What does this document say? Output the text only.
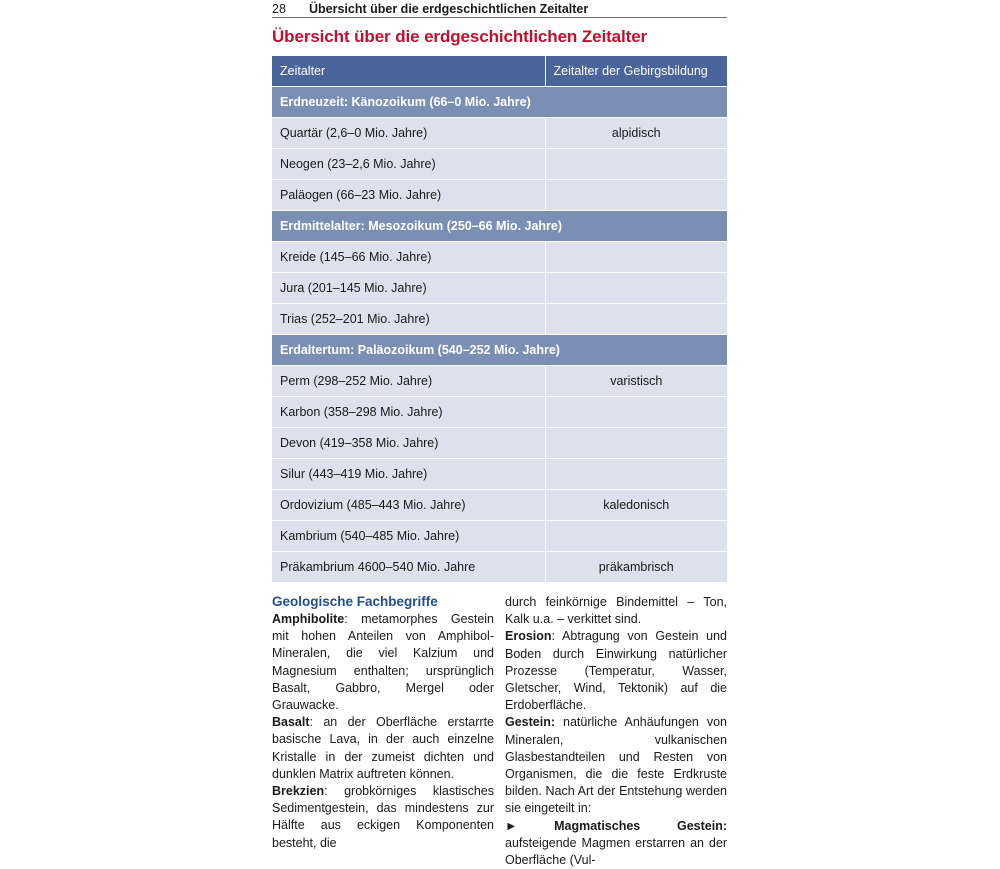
28 Übersicht über die erdgeschichtlichen Zeitalter
Übersicht über die erdgeschichtlichen Zeitalter
Zeitalter	Zeitalter der Gebirgsbildung
Erdneuzeit: Känozoikum (66–0 Mio. Jahre)	
Quartär (2,6–0 Mio. Jahre)	alpidisch
Neogen (23–2,6 Mio. Jahre)	
Paläogen (66–23 Mio. Jahre)	
Erdmittelalter: Mesozoikum (250–66 Mio. Jahre)	
Kreide (145–66 Mio. Jahre)	
Jura (201–145 Mio. Jahre)	
Trias (252–201 Mio. Jahre)	
Erdaltertum: Paläozoikum (540–252 Mio. Jahre)	
Perm (298–252 Mio. Jahre)	varistisch
Karbon (358–298 Mio. Jahre)	
Devon (419–358 Mio. Jahre)	
Silur (443–419 Mio. Jahre)	
Ordovizium (485–443 Mio. Jahre)	kaledonisch
Kambrium (540–485 Mio. Jahre)	
Präkambrium 4600–540 Mio. Jahre	präkambrisch
Geologische Fachbegriffe

Amphibolite: metamorphes Gestein mit hohen Anteilen von Amphibol-Mineralen, die viel Kalzium und Magnesium enthalten; ursprünglich Basalt, Gabbro, Mergel oder Grauwacke.

Basalt: an der Oberfläche erstarrte basische Lava, in der auch einzelne Kristalle in der zumeist dichten und dunklen Matrix auftreten können.

Brekzien: grobkörniges klastisches Sedimentgestein, das mindestens zur Hälfte aus eckigen Komponenten besteht, die

durch feinkörnige Bindemittel – Ton, Kalk u.a. – verkittet sind.

Erosion: Abtragung von Gestein und Boden durch Einwirkung natürlicher Prozesse (Temperatur, Wasser, Gletscher, Wind, Tektonik) auf die Erdoberfläche.

Gestein: natürliche Anhäufungen von Mineralen, vulkanischen Glasbestandteilen und Resten von Organismen, die die feste Erdkruste bilden. Nach Art der Entstehung werden sie eingeteilt in:

►	Magmatisches Gestein: aufsteigende Magmen erstarren an der Oberfläche (Vul-
